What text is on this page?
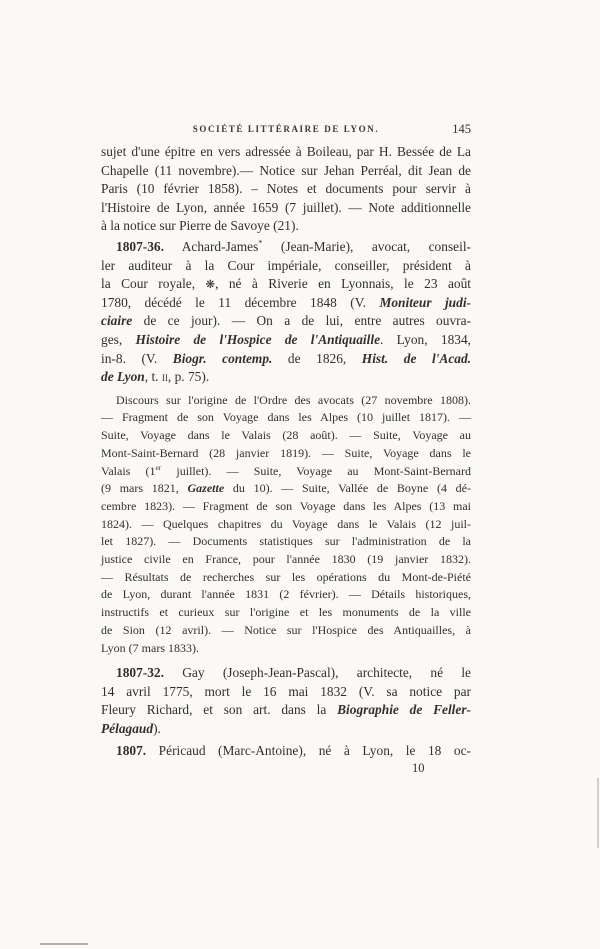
SOCIÉTÉ LITTÉRAIRE DE LYON.	145
sujet d'une épitre en vers adressée à Boileau, par H. Bessée de La
Chapelle (11 novembre).— Notice sur Jehan Perréal, dit Jean de
Paris (10 février 1858). – Notes et documents pour servir à
l'Histoire de Lyon, année 1659 (7 juillet). — Note additionnelle
à la notice sur Pierre de Savoye (21).
1807-36. Achard-James* (Jean-Marie), avocat, conseil-
ler auditeur à la Cour impériale, conseiller, président à
la Cour royale, ❋, né à Riverie en Lyonnais, le 23 août
1780, décédé le 11 décembre 1848 (V. Moniteur judi-
ciaire de ce jour). — On a de lui, entre autres ouvra-
ges, Histoire de l'Hospice de l'Antiquaille. Lyon, 1834,
in-8. (V. Biogr. contemp. de 1826, Hist. de l'Acad.
de Lyon, t. ii, p. 75).
Discours sur l'origine de l'Ordre des avocats (27 novembre 1808).
— Fragment de son Voyage dans les Alpes (10 juillet 1817). —
Suite, Voyage dans le Valais (28 août). — Suite, Voyage au
Mont-Saint-Bernard (28 janvier 1819). — Suite, Voyage dans le
Valais (1er juillet). — Suite, Voyage au Mont-Saint-Bernard
(9 mars 1821, Gazette du 10). — Suite, Vallée de Boyne (4 dé-
cembre 1823). — Fragment de son Voyage dans les Alpes (13 mai
1824). — Quelques chapitres du Voyage dans le Valais (12 juil-
let 1827). — Documents statistiques sur l'administration de la
justice civile en France, pour l'année 1830 (19 janvier 1832).
— Résultats de recherches sur les opérations du Mont-de-Piété
de Lyon, durant l'année 1831 (2 février). — Détails historiques,
instructifs et curieux sur l'origine et les monuments de la ville
de Sion (12 avril). — Notice sur l'Hospice des Antiquailles, à
Lyon (7 mars 1833).
1807-32. Gay (Joseph-Jean-Pascal), architecte, né le
14 avril 1775, mort le 16 mai 1832 (V. sa notice par
Fleury Richard, et son art. dans la Biographie de Feller-
Pélagaud).
1807. Péricaud (Marc-Antoine), né à Lyon, le 18 oc-
10
